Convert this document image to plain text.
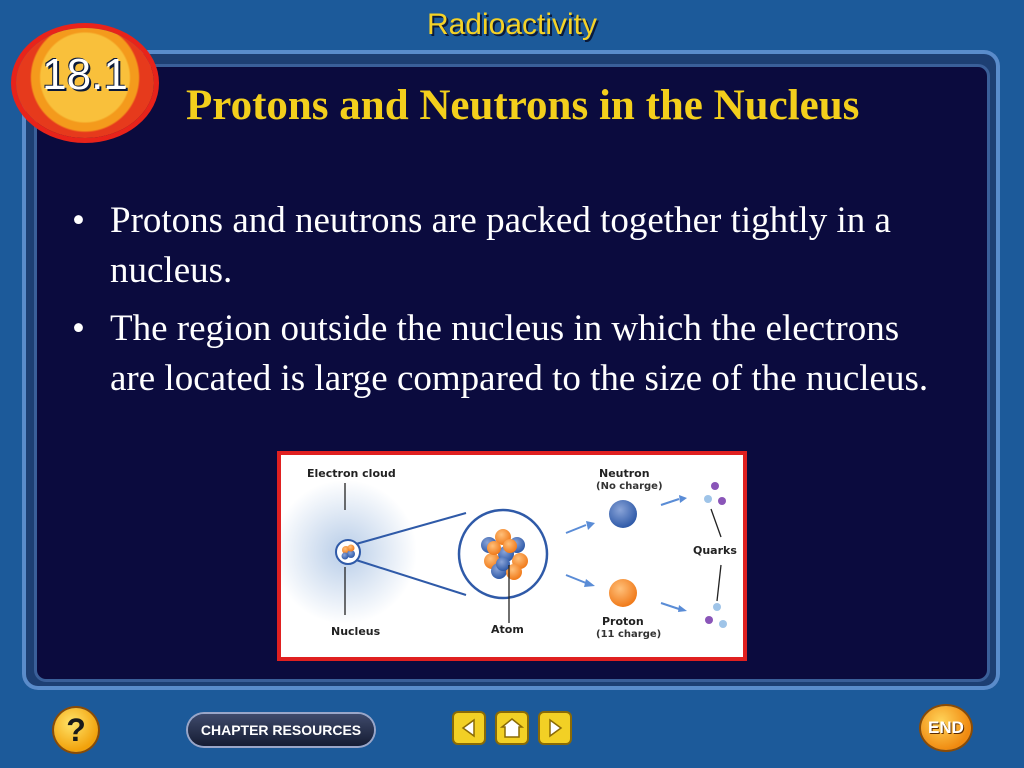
Radioactivity
18.1
Protons and Neutrons in the Nucleus
• Protons and neutrons are packed together tightly in a nucleus.
• The region outside the nucleus in which the electrons are located is large compared to the size of the nucleus.
Electron cloud
Nucleus	Atom
Neutron
(No charge)
Proton
(11 charge)
Quarks
?	CHAPTER RESOURCES	END
